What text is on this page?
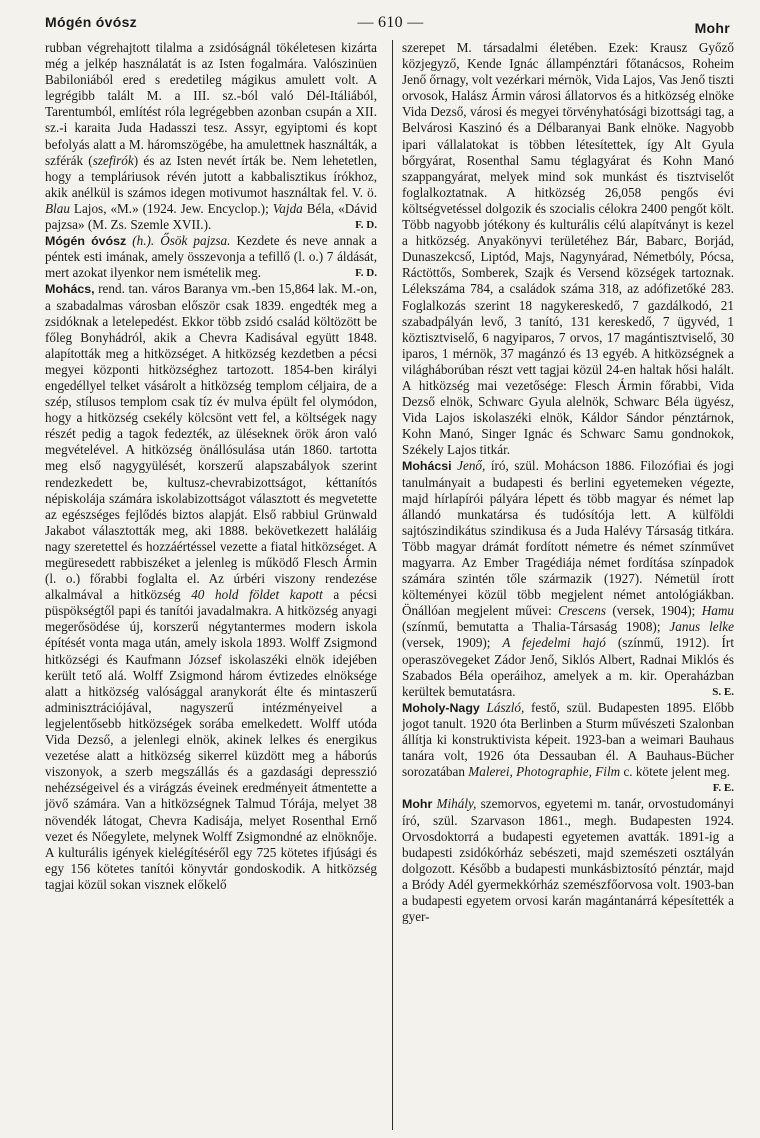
Mógén óvósz	— 610 —	Mohr

rubban végrehajtott tilalma a zsidóságnál tökéletesen kizárta még a jelkép használatát is az Isten fogalmára. Valószinüen Babiloniából ered s eredetileg mágikus amulett volt. A legrégibb talált M. a III. sz.-ból való Dél-Itáliából, Tarentumból, említést róla legrégebben azonban csupán a XII. sz.-i karaita Juda Hadasszi tesz. Assyr, egyiptomi és kopt befolyás alatt a M. háromszögébe, ha amulettnek használták, a szférák (szefirók) és az Isten nevét írták be. Nem lehetetlen, hogy a templáriusok révén jutott a kabbalisztikus írókhoz, akik anélkül is számos idegen motivumot használtak fel. V. ö. Blau Lajos, «M.» (1924. Jew. Encyclop.); Vajda Béla, «Dávid pajzsa» (M. Zs. Szemle XVII.).	F. D.

Mógén óvósz (h.). Ősök pajzsa. Kezdete és neve annak a péntek esti imának, amely összevonja a tefillő (l. o.) 7 áldását, mert azokat ilyenkor nem ismételik meg.	F. D.

Mohács, rend. tan. város Baranya vm.-ben 15,864 lak. M.-on, a szabadalmas városban először csak 1839. engedték meg a zsidóknak a letelepedést. Ekkor több zsidó család költözött be főleg Bonyhádról, akik a Chevra Kadisával együtt 1848. alapították meg a hitközséget. A hitközség kezdetben a pécsi megyei központi hitközséghez tartozott. 1854-ben királyi engedéllyel telket vásárolt a hitközség templom céljaira, de a szép, stílusos templom csak tíz év mulva épült fel olymódon, hogy a hitközség csekély kölcsönt vett fel, a költségek nagy részét pedig a tagok fedezték, az üléseknek örök áron való megvételével. A hitközség önállósulása után 1860. tartotta meg első nagygyülését, korszerű alapszabályok szerint rendezkedett be, kultusz-chevrabizottságot, kéttanítós népiskolája számára iskolabizottságot választott és megvetette az egészséges fejlődés biztos alapját. Első rabbiul Grünwald Jakabot választották meg, aki 1888. bekövetkezett haláláig nagy szeretettel és hozzáértéssel vezette a fiatal hitközséget. A megüresedett rabbiszéket a jelenleg is működő Flesch Ármin (l. o.) főrabbi foglalta el. Az úrbéri viszony rendezése alkalmával a hitközség 40 hold földet kapott a pécsi püspökségtől papi és tanítói javadalmakra. A hitközség anyagi megerősödése új, korszerű négytantermes modern iskola építését vonta maga után, amely iskola 1893. Wolff Zsigmond hitközségi és Kaufmann József iskolaszéki elnök idejében került tető alá. Wolff Zsigmond három évtizedes elnöksége alatt a hitközség valósággal aranykorát élte és mintaszerű adminisztrációjával, nagyszerű intézményeivel a legjelentősebb hitközségek sorába emelkedett. Wolff utóda Vida Dezső, a jelenlegi elnök, akinek lelkes és energikus vezetése alatt a hitközség sikerrel küzdött meg a háborús viszonyok, a szerb megszállás és a gazdasági depresszió nehézségeivel és a virágzás éveinek eredményeit átmentette a jövő számára. Van a hitközségnek Talmud Tórája, melyet 38 növendék látogat, Chevra Kadisája, melyet Rosenthal Ernő vezet és Nőegylete, melynek Wolff Zsigmondné az elnöknője. A kulturális igények kielégítéséről egy 725 kötetes ifjúsági és egy 156 kötetes tanítói könyvtár gondoskodik. A hitközség tagjai közül sokan visznek előkelő

szerepet M. társadalmi életében. Ezek: Krausz Győző közjegyző, Kende Ignác állampénztári főtanácsos, Roheim Jenő őrnagy, volt vezérkari mérnök, Vida Lajos, Vas Jenő tiszti orvosok, Halász Ármin városi állatorvos és a hitközség elnöke Vida Dezső, városi és megyei törvényhatósági bizottsági tag, a Belvárosi Kaszinó és a Délbaranyai Bank elnöke. Nagyobb ipari vállalatokat is többen létesítettek, így Alt Gyula bőrgyárat, Rosenthal Samu téglagyárat és Kohn Manó szappangyárat, melyek mind sok munkást és tisztviselőt foglalkoztatnak. A hitközség 26,058 pengős évi költségvetéssel dolgozik és szocialis célokra 2400 pengőt költ. Több nagyobb jótékony és kulturális célú alapítványt is kezel a hitközség. Anyakönyvi területéhez Bár, Babarc, Borjád, Dunaszekcső, Liptód, Majs, Nagynyárad, Németbóly, Pócsa, Ráctöttős, Somberek, Szajk és Versend községek tartoznak. Lélekszáma 784, a családok száma 318, az adófizetőké 283. Foglalkozás szerint 18 nagykereskedő, 7 gazdálkodó, 21 szabadpályán levő, 3 tanító, 131 kereskedő, 7 ügyvéd, 1 köztisztviselő, 6 nagyiparos, 7 orvos, 17 magántisztviselő, 30 iparos, 1 mérnök, 37 magánzó és 13 egyéb. A hitközségnek a világháborúban részt vett tagjai közül 24-en haltak hősi halált. A hitközség mai vezetősége: Flesch Ármin főrabbi, Vida Dezső elnök, Schwarc Gyula alelnök, Schwarc Béla ügyész, Vida Lajos iskolaszéki elnök, Káldor Sándor pénztárnok, Kohn Manó, Singer Ignác és Schwarc Samu gondnokok, Székely Lajos titkár.

Mohácsi Jenő, író, szül. Mohácson 1886. Filozófiai és jogi tanulmányait a budapesti és berlini egyetemeken végezte, majd hírlapírói pályára lépett és több magyar és német lap állandó munkatársa és tudósítója lett. A külföldi sajtószindikátus szindikusa és a Juda Halévy Társaság titkára. Több magyar drámát fordított németre és német színművet magyarra. Az Ember Tragédiája német fordítása színpadok számára szintén tőle származik (1927). Németül írott költeményei közül több megjelent német antológiákban. Önállóan megjelent művei: Crescens (versek, 1904); Hamu (színmű, bemutatta a Thalia-Társaság 1908); Janus lelke (versek, 1909); A fejedelmi hajó (színmű, 1912). Írt operaszövegeket Zádor Jenő, Siklós Albert, Radnai Miklós és Szabados Béla operáihoz, amelyek a m. kir. Operaházban kerültek bemutatásra.	S. E.

Moholy-Nagy László, festő, szül. Budapesten 1895. Előbb jogot tanult. 1920 óta Berlinben a Sturm művészeti Szalonban állítja ki konstruktivista képeit. 1923-ban a weimari Bauhaus tanára volt, 1926 óta Dessauban él. A Bauhaus-Bücher sorozatában Malerei, Photographie, Film c. kötete jelent meg.
F. E.

Mohr Mihály, szemorvos, egyetemi m. tanár, orvostudományi író, szül. Szarvason 1861., megh. Budapesten 1924. Orvosdoktorrá a budapesti egyetemen avatták. 1891-ig a budapesti zsidókórház sebészeti, majd szemészeti osztályán dolgozott. Később a budapesti munkásbiztosító pénztár, majd a Bródy Adél gyermekkórház szemészfőorvosa volt. 1903-ban a budapesti egyetem orvosi karán magántanárrá képesítették a gyer-
